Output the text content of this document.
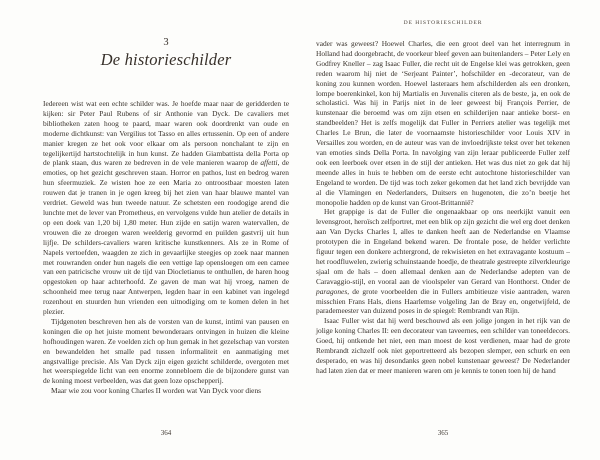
3
De historieschilder

Iedereen wist wat een echte schilder was. Je hoefde maar naar de geridderden te kijken: sir Peter Paul Rubens of sir Anthonie van Dyck. De cavaliers met bibliotheken zaten hoog te paard, maar waren ook doordrenkt van oude en moderne dichtkunst: van Vergilius tot Tasso en alles ertussenin. Op een of andere manier kregen ze het ook voor elkaar om als persoon nonchalant te zijn en tegelijkertijd hartstochtelijk in hun kunst. Ze hadden Giambattista della Porta op de plank staan, dus waren ze bedreven in de vele manieren waarop de affetti, de emoties, op het gezicht geschreven staan. Horror en pathos, lust en bedrog waren hun sfeermuziek. Ze wisten hoe ze een Maria zo ontroostbaar moesten laten rouwen dat je tranen in je ogen kreeg bij het zien van haar blauwe mantel van verdriet. Geweld was hun tweede natuur. Ze schetsten een roodogige arend die lunchte met de lever van Prometheus, en vervolgens vulde hun atelier de details in op een doek van 1,20 bij 1,80 meter. Hun zijde en satijn waren watervallen, de vrouwen die ze droegen waren weelderig gevormd en puilden gastvrij uit hun lijfje. De schilders-cavaliers waren kritische kunstkenners. Als ze in Rome of Napels vertoefden, waagden ze zich in gevaarlijke steegjes op zoek naar mannen met rouwranden onder hun nagels die een vettige lap opensloegen om een camee van een patricische vrouw uit de tijd van Diocletianus te onthullen, de haren hoog opgestoken op haar achterhoofd. Ze gaven de man wat hij vroeg, namen de schoonheid mee terug naar Antwerpen, legden haar in een kabinet van ingelegd rozenhout en stuurden hun vrienden een uitnodiging om te komen delen in het plezier.

Tijdgenoten beschreven hen als de vorsten van de kunst, intimi van pausen en koningen die op het juiste moment bewonderaars ontvingen in huizen die kleine hofhoudingen waren. Ze voelden zich op hun gemak in het gezelschap van vorsten en bewandelden het smalle pad tussen informaliteit en aanmatiging met angstvallige precisie. Als Van Dyck zijn eigen gezicht schilderde, overgoten met het weerspiegelde licht van een enorme zonnebloem die de bijzondere gunst van de koning moest verbeelden, was dat geen loze opschepperij.

Maar wie zou voor koning Charles II worden wat Van Dyck voor diens

364
DE HISTORIESCHILDER

vader was geweest? Hoewel Charles, die een groot deel van het interregnum in Holland had doorgebracht, de voorkeur bleef geven aan buitenlanders – Peter Lely en Godfrey Kneller – zag Isaac Fuller, die recht uit de Engelse klei was getrokken, geen reden waarom hij niet de ‘Serjeant Painter’, hofschilder en -decorateur, van de koning zou kunnen worden. Hoewel lasteraars hem afschilderden als een dronken, lompe boerenkinkel, kon hij Martialis en Juvenalis citeren als de beste, ja, en ook de scholastici. Was hij in Parijs niet in de leer geweest bij François Perrier, de kunstenaar die beroemd was om zijn etsen en schilderijen naar antieke borst- en standbeelden? Het is zelfs mogelijk dat Fuller in Perriers atelier was tegelijk met Charles Le Brun, die later de voornaamste historieschilder voor Louis XIV in Versailles zou worden, en de auteur was van de invloedrijkste tekst over het tekenen van emoties sinds Della Porta. In navolging van zijn leraar publiceerde Fuller zelf ook een leerboek over etsen in de stijl der antieken. Het was dus niet zo gek dat hij meende alles in huis te hebben om de eerste echt autochtone historieschilder van Engeland te worden. De tijd was toch zeker gekomen dat het land zich bevrijdde van al die Vlamingen en Nederlanders, Duitsers en hugenoten, die zo’n beetje het monopolie hadden op de kunst van Groot-Brittannië?

Het grappige is dat de Fuller die ongenaakbaar op ons neerkijkt vanuit een levensgroot, heroïsch zelfportret, met een blik op zijn gezicht die wel erg doet denken aan Van Dycks Charles I, alles te danken heeft aan de Nederlandse en Vlaamse prototypen die in Engeland bekend waren. De frontale pose, de helder verlichte figuur tegen een donkere achtergrond, de rekwisieten en het extravagante kostuum – het roodfluwelen, zwierig schuinstaande hoedje, de theatrale gestreepte zilverkleurige sjaal om de hals – doen allemaal denken aan de Nederlandse adepten van de Caravaggio-stijl, en vooral aan de vioolspeler van Gerard van Honthorst. Onder de paragones, de grote voorbeelden die in Fullers ambitieuze visie aantraden, waren misschien Frans Hals, diens Haarlemse volgeling Jan de Bray en, ongetwijfeld, de parademeester van duizend poses in de spiegel: Rembrandt van Rijn.

Isaac Fuller wist dat hij werd beschouwd als een jolige jongen in het rijk van de jolige koning Charles II: een decorateur van taveernes, een schilder van toneeldecors. Goed, hij ontkende het niet, een man moest de kost verdienen, maar had de grote Rembrandt zichzelf ook niet geportretteerd als bezopen slemper, een schurk en een desperado, en was hij desondanks geen nobel kunstenaar geweest? De Nederlander had laten zien dat er meer manieren waren om je kennis te tonen toen hij de hand

365
